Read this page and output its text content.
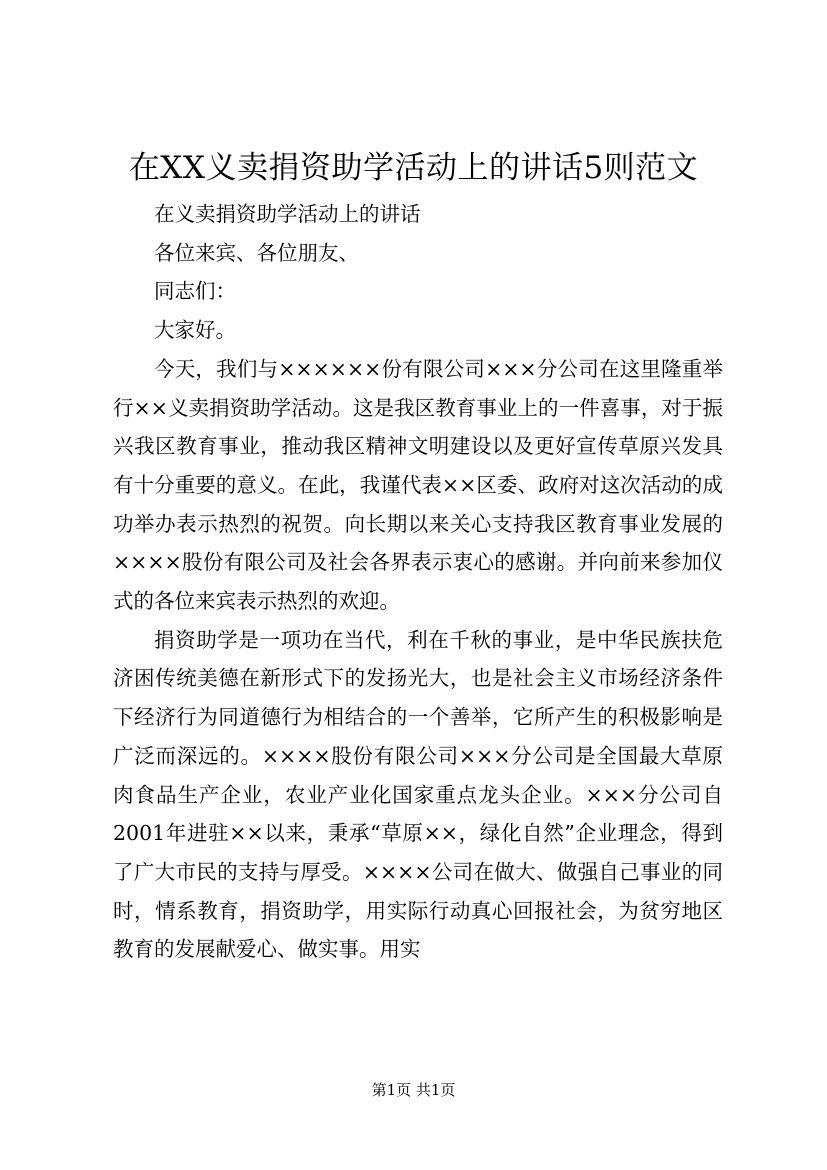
在XX义卖捐资助学活动上的讲话5则范文

在义卖捐资助学活动上的讲话

各位来宾、各位朋友、

同志们：

大家好。

今天，我们与××××××份有限公司×××分公司在这里隆重举行××义卖捐资助学活动。这是我区教育事业上的一件喜事，对于振兴我区教育事业，推动我区精神文明建设以及更好宣传草原兴发具有十分重要的意义。在此，我谨代表××区委、政府对这次活动的成功举办表示热烈的祝贺。向长期以来关心支持我区教育事业发展的××××股份有限公司及社会各界表示衷心的感谢。并向前来参加仪式的各位来宾表示热烈的欢迎。

捐资助学是一项功在当代，利在千秋的事业，是中华民族扶危济困传统美德在新形式下的发扬光大，也是社会主义市场经济条件下经济行为同道德行为相结合的一个善举，它所产生的积极影响是广泛而深远的。××××股份有限公司×××分公司是全国最大草原肉食品生产企业，农业产业化国家重点龙头企业。×××分公司自2001年进驻××以来，秉承“草原××，绿化自然”企业理念，得到了广大市民的支持与厚受。××××公司在做大、做强自己事业的同时，情系教育，捐资助学，用实际行动真心回报社会，为贫穷地区教育的发展献爱心、做实事。用实

第1页 共1页
